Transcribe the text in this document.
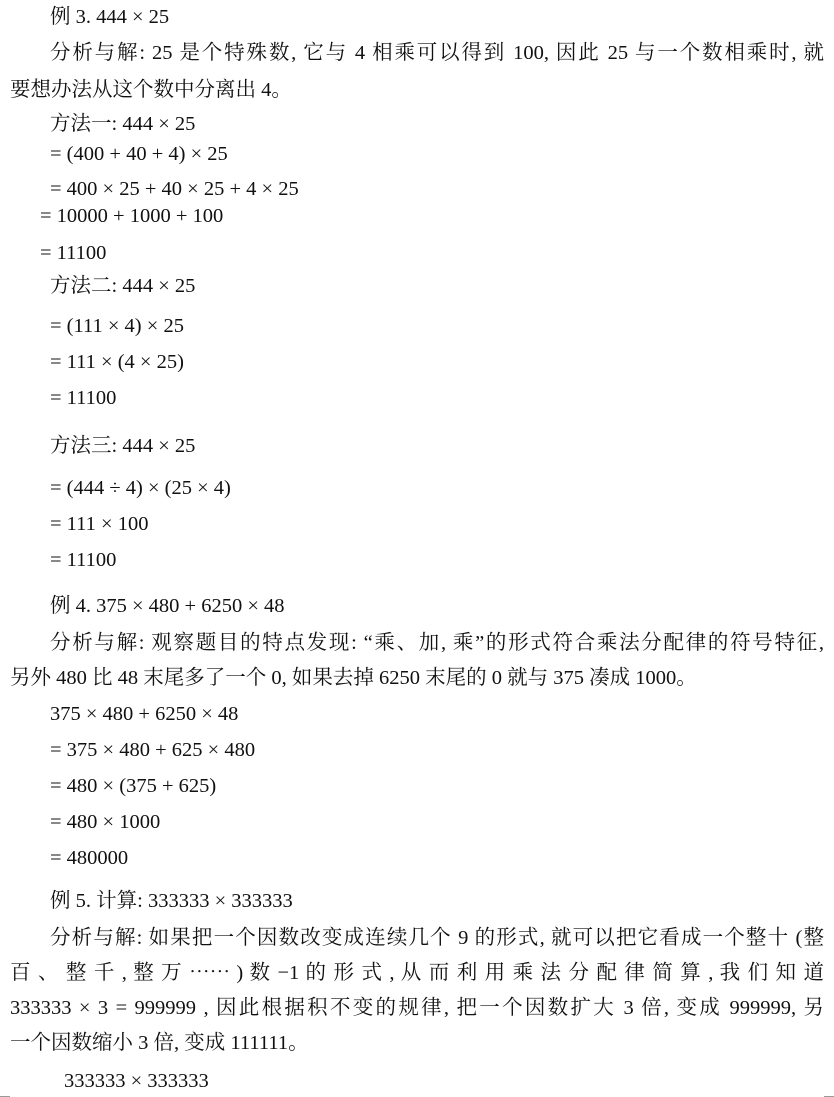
例 3. 444 × 25
分析与解: 25 是个特殊数, 它与 4 相乘可以得到 100, 因此 25 与一个数相乘时, 就
要想办法从这个数中分离出 4。
方法一: 444 × 25
= (400 + 40 + 4) × 25
= 400 × 25 + 40 × 25 + 4 × 25
= 10000 + 1000 + 100
= 11100
方法二: 444 × 25
= (111 × 4) × 25
= 111 × (4 × 25)
= 11100
方法三: 444 × 25
= (444 ÷ 4) × (25 × 4)
= 111 × 100
= 11100
例 4. 375 × 480 + 6250 × 48
分析与解: 观察题目的特点发现: “乘、加, 乘”的形式符合乘法分配律的符号特征,
另外 480 比 48 末尾多了一个 0, 如果去掉 6250 末尾的 0 就与 375 凑成 1000。
375 × 480 + 6250 × 48
= 375 × 480 + 625 × 480
= 480 × (375 + 625)
= 480 × 1000
= 480000
例 5. 计算: 333333 × 333333
分析与解: 如果把一个因数改变成连续几个 9 的形式, 就可以把它看成一个整十 (整
百 、 整 千 , 整 万 ⋯⋯ ) 数 −1 的 形 式 , 从 而 利 用 乘 法 分 配 律 简 算 , 我 们 知 道
333333 × 3 = 999999 , 因此根据积不变的规律, 把一个因数扩大 3 倍, 变成 999999, 另
一个因数缩小 3 倍, 变成 111111。
333333 × 333333
